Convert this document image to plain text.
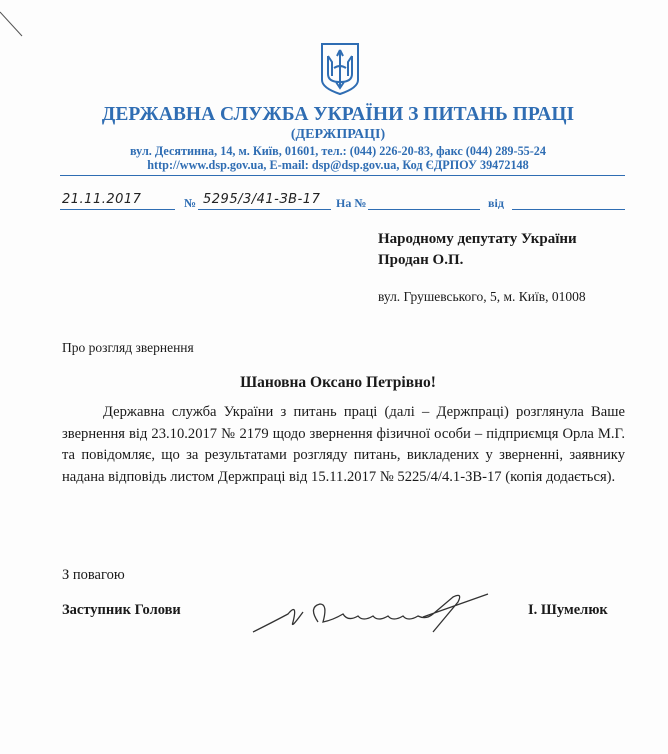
ДЕРЖАВНА СЛУЖБА УКРАЇНИ З ПИТАНЬ ПРАЦІ
(ДЕРЖПРАЦІ)
вул. Десятинна, 14, м. Київ, 01601, тел.: (044) 226-20-83, факс (044) 289-55-24
http://www.dsp.gov.ua, E-mail: dsp@dsp.gov.ua, Код ЄДРПОУ 39472148
21.11.2017	№ 5295/3/41-ЗВ-17 На №	від
Народному депутату України
Продан О.П.
вул. Грушевського, 5, м. Київ, 01008
Про розгляд звернення
Шановна Оксано Петрівно!
Державна служба України з питань праці (далі – Держпраці) розглянула Ваше звернення від 23.10.2017 № 2179 щодо звернення фізичної особи – підприємця Орла М.Г. та повідомляє, що за результатами розгляду питань, викладених у зверненні, заявнику надана відповідь листом Держпраці від 15.11.2017 № 5225/4/4.1-ЗВ-17 (копія додається).
З повагою
Заступник Голови	І. Шумелюк
